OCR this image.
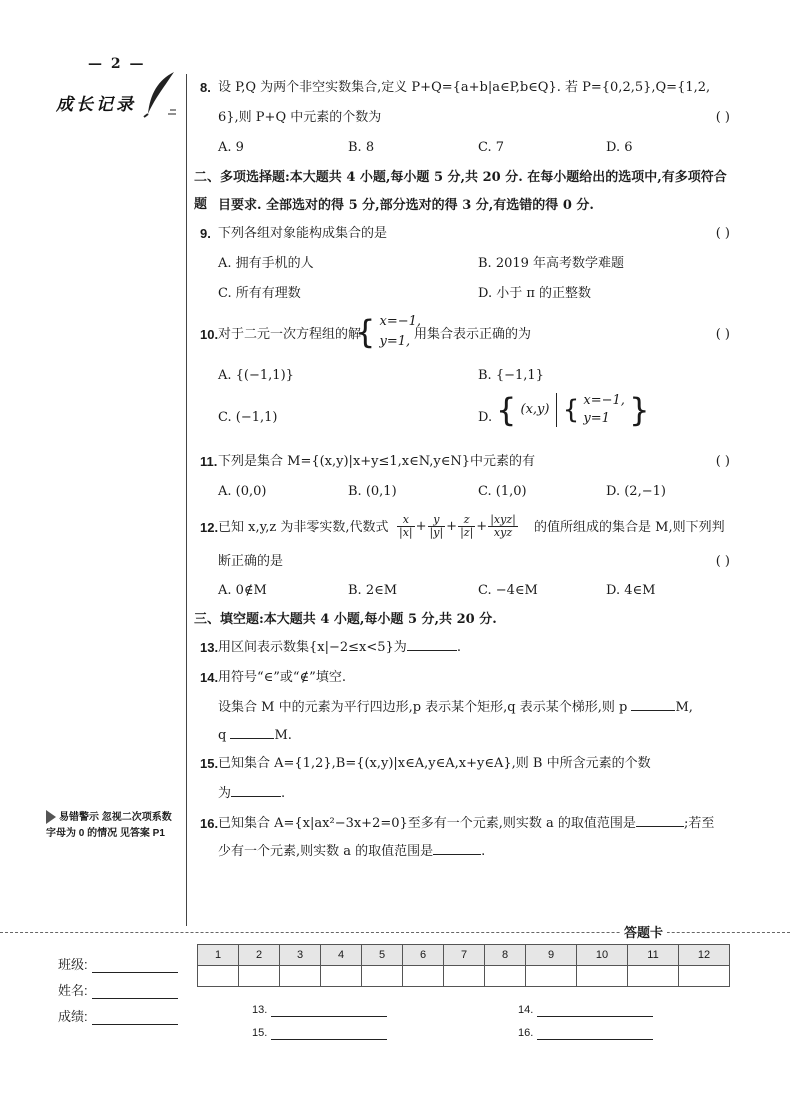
— 2 —
成长记录
8. 设 P,Q 为两个非空实数集合,定义 P+Q={a+b|a∈P,b∈Q}. 若 P={0,2,5},Q={1,2,
6},则 P+Q 中元素的个数为	( )
A. 9	B. 8	C. 7	D. 6
二、多项选择题:本大题共 4 小题,每小题 5 分,共 20 分. 在每小题给出的选项中,有多项符合题 目要求. 全部选对的得 5 分,部分选对的得 3 分,有选错的得 0 分.
9. 下列各组对象能构成集合的是	( )
A. 拥有手机的人	B. 2019 年高考数学难题
C. 所有有理数	D. 小于 π 的正整数
10. 对于二元一次方程组的解
{ x=−1,
y=1, 用集合表示正确的为	( )
A. {(−1,1)}	B. {−1,1}
C. (−1,1)	D. { (x,y) { x=−1,
y=1 }
11. 下列是集合 M={(x,y)|x+y≤1,x∈N,y∈N}中元素的有	( )
A. (0,0)	B. (0,1)	C. (1,0)	D. (2,−1)
12. 已知 x,y,z 为非零实数,代数式 $\frac{x}{|x|} + \frac{y}{|y|} + \frac{z}{|z|} + \frac{\text{|xyz|}}{\text{xyz}}$ 的值所组成的集合是 M,则下列判
断正确的是	( )
A. 0∉M	B. 2∈M	C. −4∈M	D. 4∈M
三、填空题:本大题共 4 小题,每小题 5 分,共 20 分.
13. 用区间表示数集{x|−2≤x<5}为	.
14. 用符号“∈”或“∉”填空.
设集合 M 中的元素为平行四边形,p 表示某个矩形,q 表示某个梯形,则 p	M,
q	M.
15. 已知集合 A={1,2},B={(x,y)|x∈A,y∈A,x+y∈A},则 B 中所含元素的个数
为	.
16. 已知集合 A={x|ax²−3x+2=0}至多有一个元素,则实数 a 的取值范围是	;若至
少有一个元素,则实数 a 的取值范围是	.
易错警示 忽视二次项系数
字母为 0 的情况 见答案 P1
答题卡
班级:
姓名:
成绩:
1	2	3	4	5	6	7	8	9	10	11	12

13.	14.
15.	16.
